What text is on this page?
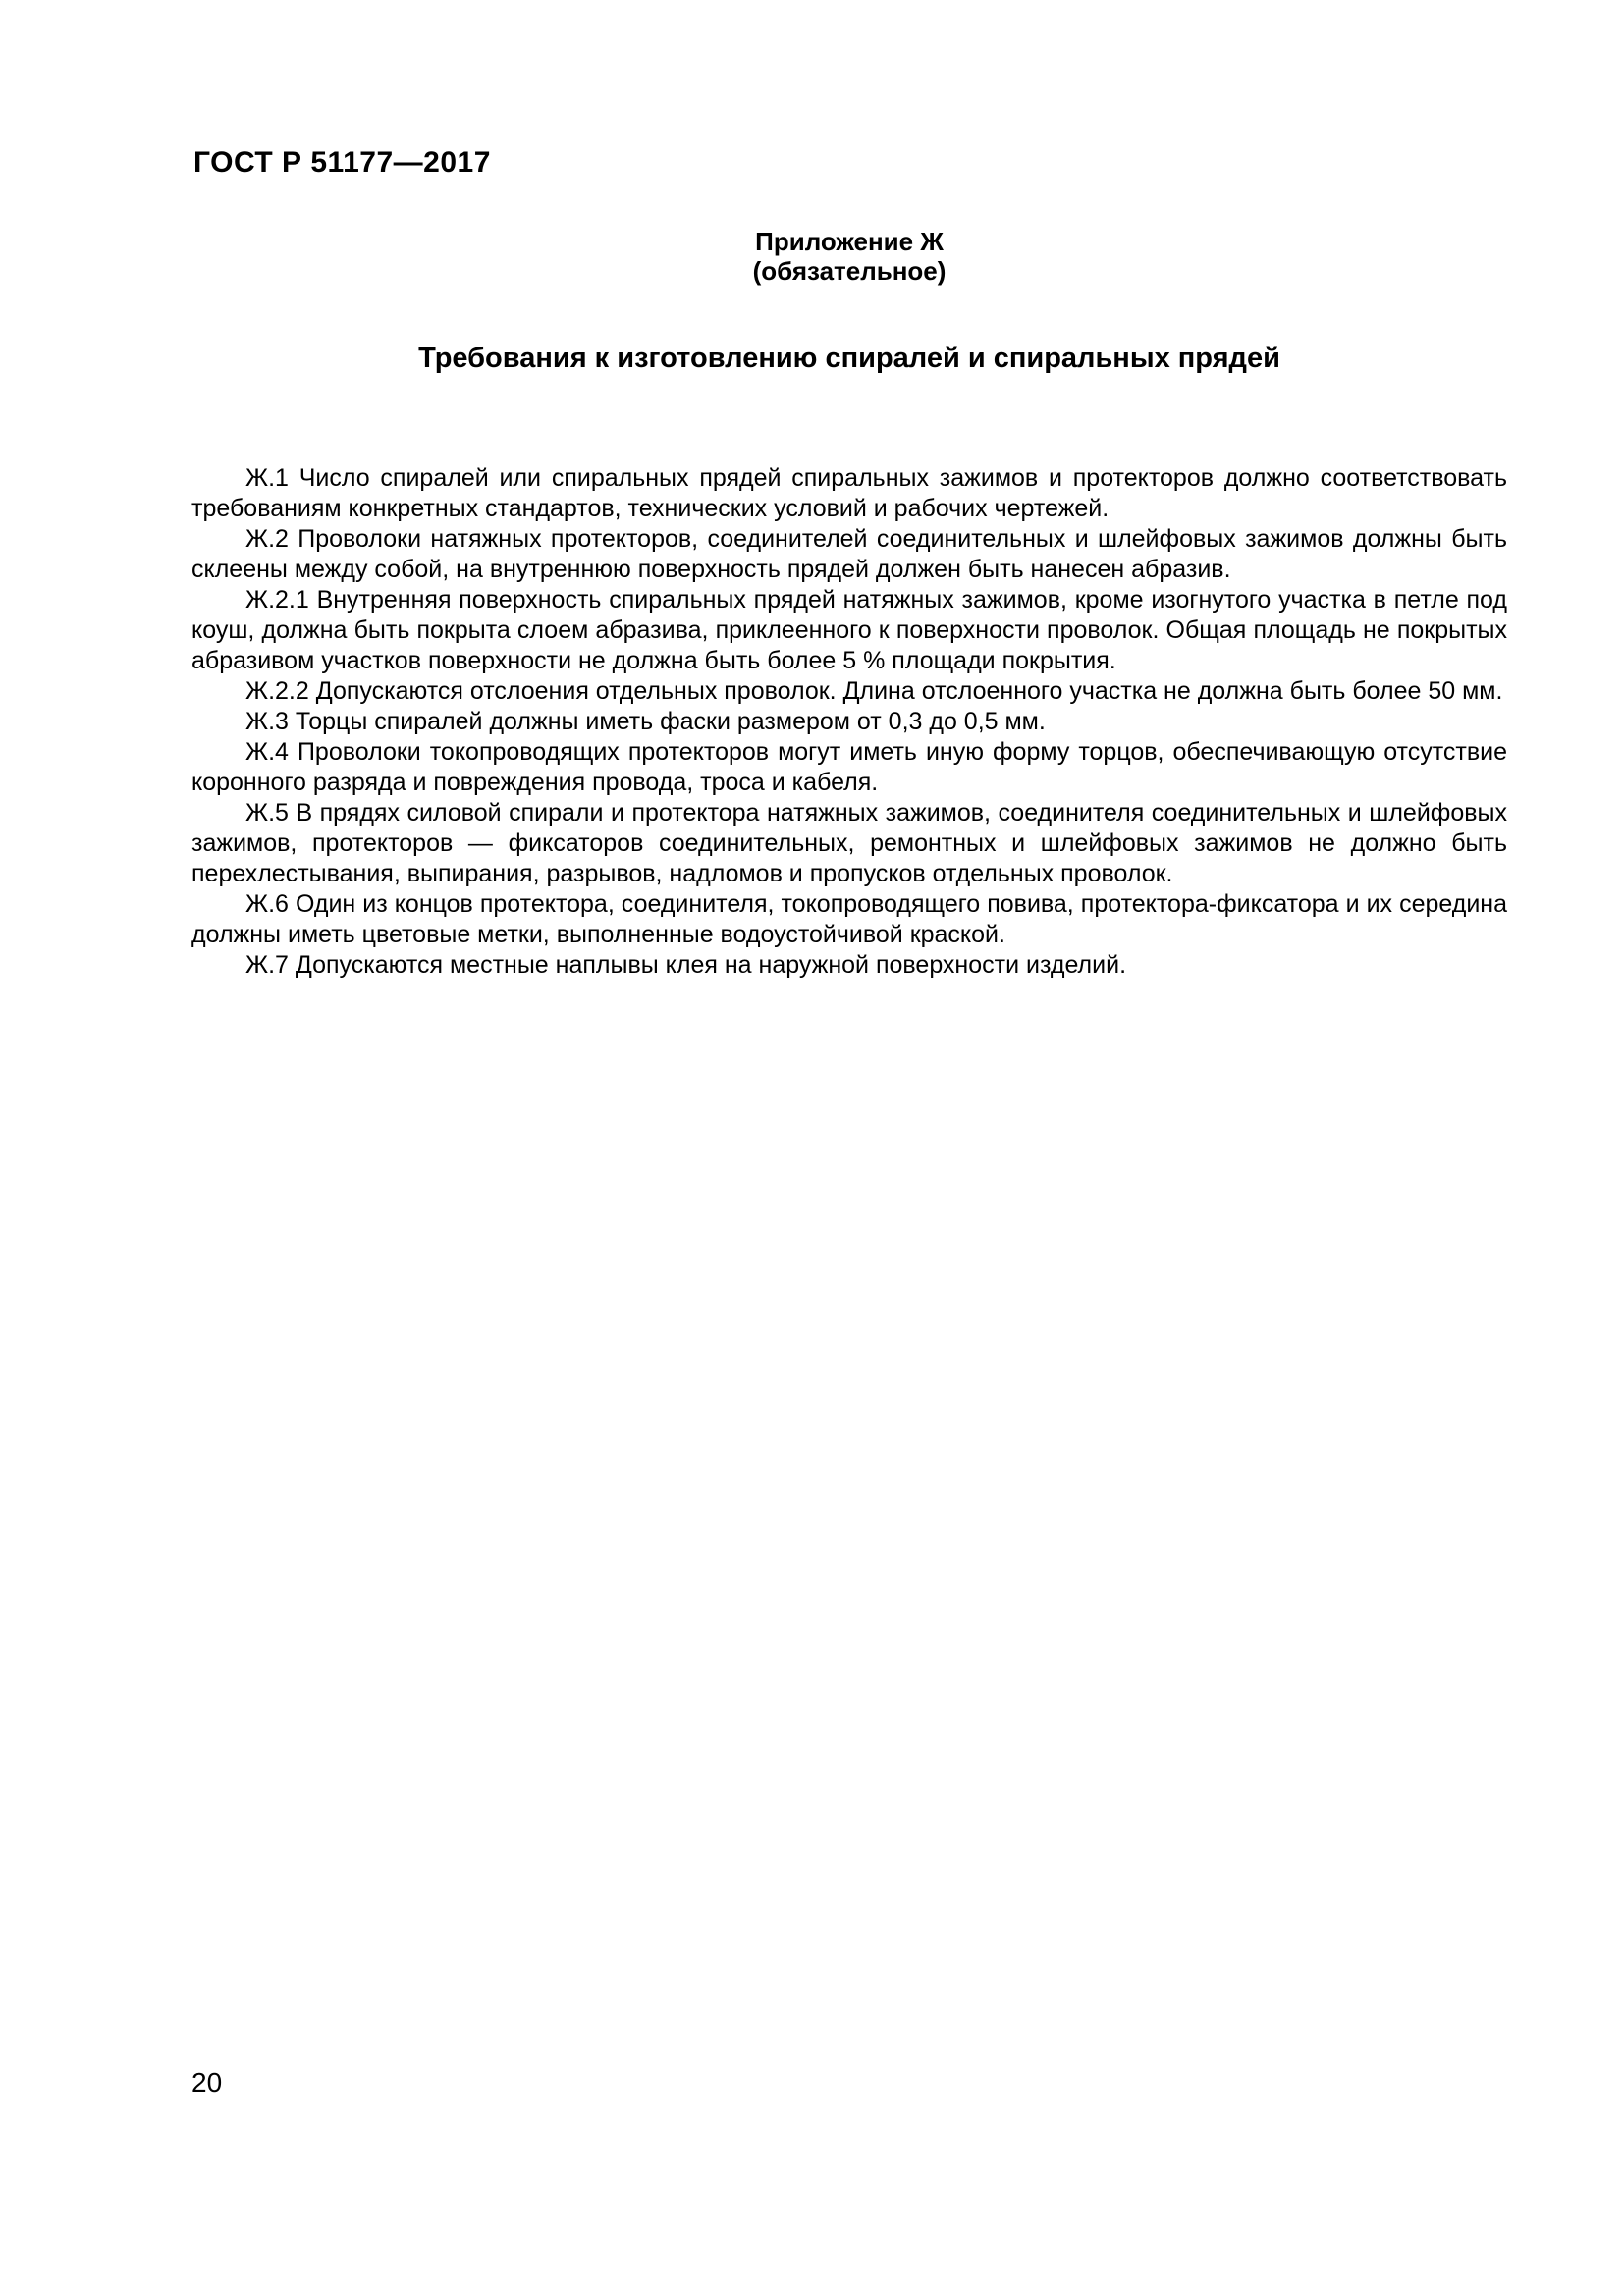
ГОСТ Р 51177—2017
Приложение Ж
(обязательное)
Требования к изготовлению спиралей и спиральных прядей

Ж.1 Число спиралей или спиральных прядей спиральных зажимов и протекторов должно соответствовать требованиям конкретных стандартов, технических условий и рабочих чертежей.

Ж.2 Проволоки натяжных протекторов, соединителей соединительных и шлейфовых зажимов должны быть склеены между собой, на внутреннюю поверхность прядей должен быть нанесен абразив.

Ж.2.1 Внутренняя поверхность спиральных прядей натяжных зажимов, кроме изогнутого участка в петле под коуш, должна быть покрыта слоем абразива, приклеенного к поверхности проволок. Общая площадь не покрытых абразивом участков поверхности не должна быть более 5 % площади покрытия.

Ж.2.2 Допускаются отслоения отдельных проволок. Длина отслоенного участка не должна быть более 50 мм.

Ж.3 Торцы спиралей должны иметь фаски размером от 0,3 до 0,5 мм.

Ж.4 Проволоки токопроводящих протекторов могут иметь иную форму торцов, обеспечивающую отсутствие коронного разряда и повреждения провода, троса и кабеля.

Ж.5 В прядях силовой спирали и протектора натяжных зажимов, соединителя соединительных и шлейфовых зажимов, протекторов — фиксаторов соединительных, ремонтных и шлейфовых зажимов не должно быть перехлестывания, выпирания, разрывов, надломов и пропусков отдельных проволок.

Ж.6 Один из концов протектора, соединителя, токопроводящего повива, протектора-фиксатора и их середина должны иметь цветовые метки, выполненные водоустойчивой краской.

Ж.7 Допускаются местные наплывы клея на наружной поверхности изделий.

20
